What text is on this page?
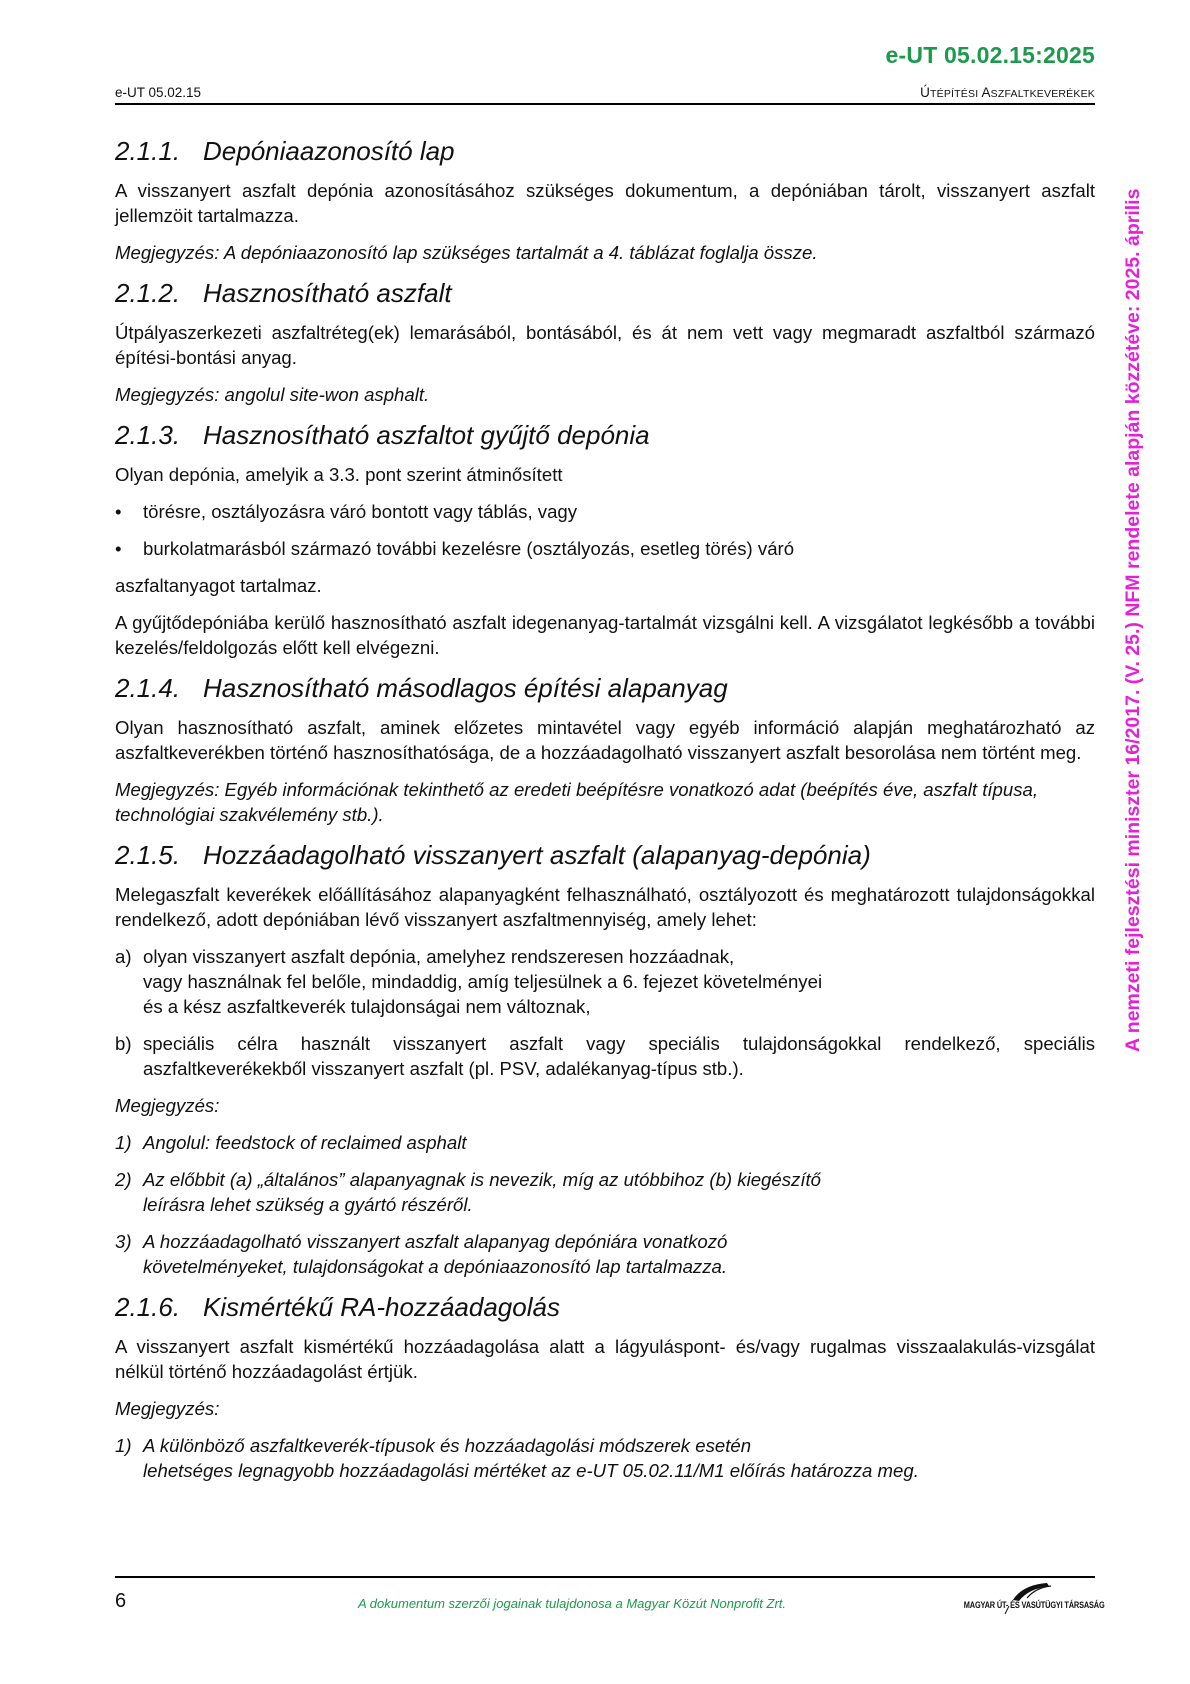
e-UT 05.02.15:2025
e-UT 05.02.15	ÚTÉPÍTÉSI ASZFALTKEVERÉKEK
2.1.1. Depóniaazonosító lap

A visszanyert aszfalt depónia azonosításához szükséges dokumentum, a depóniában tárolt, visszanyert aszfalt jellemzöit tartalmazza.

Megjegyzés: A depóniaazonosító lap szükséges tartalmát a 4. táblázat foglalja össze.

2.1.2. Hasznosítható aszfalt

Útpályaszerkezeti aszfaltréteg(ek) lemarásából, bontásából, és át nem vett vagy megmaradt aszfaltból származó építési-bontási anyag.

Megjegyzés: angolul site-won asphalt.

2.1.3. Hasznosítható aszfaltot gyűjtő depónia

Olyan depónia, amelyik a 3.3. pont szerint átminősített

•	törésre, osztályozásra váró bontott vagy táblás, vagy
•	burkolatmarásból származó további kezelésre (osztályozás, esetleg törés) váró

aszfaltanyagot tartalmaz.

A gyűjtődepóniába kerülő hasznosítható aszfalt idegenanyag-tartalmát vizsgálni kell. A vizsgálatot legkésőbb a további kezelés/feldolgozás előtt kell elvégezni.

2.1.4. Hasznosítható másodlagos építési alapanyag

Olyan hasznosítható aszfalt, aminek előzetes mintavétel vagy egyéb információ alapján meghatározható az aszfaltkeverékben történő hasznosíthatósága, de a hozzáadagolható visszanyert aszfalt besorolása nem történt meg.

Megjegyzés: Egyéb információnak tekinthető az eredeti beépítésre vonatkozó adat (beépítés éve, aszfalt típusa, technológiai szakvélemény stb.).

2.1.5. Hozzáadagolható visszanyert aszfalt (alapanyag-depónia)

Melegaszfalt keverékek előállításához alapanyagként felhasználható, osztályozott és meghatározott tulajdonságokkal rendelkező, adott depóniában lévő visszanyert aszfaltmennyiség, amely lehet:

a) olyan visszanyert aszfalt depónia, amelyhez rendszeresen hozzáadnak,
vagy használnak fel belőle, mindaddig, amíg teljesülnek a 6. fejezet követelményei
és a kész aszfaltkeverék tulajdonságai nem változnak,
b) speciális célra használt visszanyert aszfalt vagy speciális tulajdonságokkal rendelkező, speciális aszfaltkeverékekből visszanyert aszfalt (pl. PSV, adalékanyag-típus stb.).

Megjegyzés:

1) Angolul: feedstock of reclaimed asphalt
2) Az előbbit (a) „általános” alapanyagnak is nevezik, míg az utóbbihoz (b) kiegészítő
leírásra lehet szükség a gyártó részéről.
3) A hozzáadagolható visszanyert aszfalt alapanyag depóniára vonatkozó
követelményeket, tulajdonságokat a depóniaazonosító lap tartalmazza.
2.1.6. Kismértékű RA-hozzáadagolás

A visszanyert aszfalt kismértékű hozzáadagolása alatt a lágyuláspont- és/vagy rugalmas visszaalakulás-vizsgálat nélkül történő hozzáadagolást értjük.

Megjegyzés:

1) A különböző aszfaltkeverék-típusok és hozzáadagolási módszerek esetén
lehetséges legnagyobb hozzáadagolási mértéket az e-UT 05.02.11/M1 előírás határozza meg.
A nemzeti fejlesztési miniszter 16/2017. (V. 25.) NFM rendelete alapján közzétéve: 2025. április
6	A dokumentum szerzői jogainak tulajdonosa a Magyar Közút Nonprofit Zrt.	MAGYAR ÚT- ÉS VASÚTÜGYI TÁRSASÁG
